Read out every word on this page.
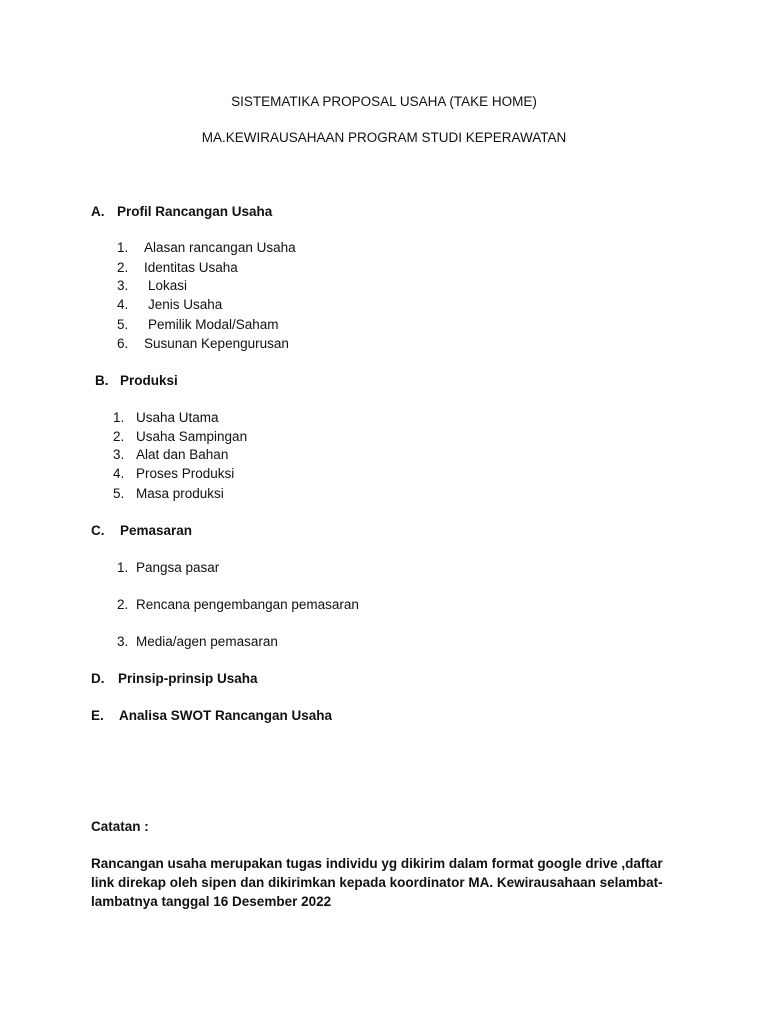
SISTEMATIKA PROPOSAL USAHA (TAKE HOME)
MA.KEWIRAUSAHAAN PROGRAM STUDI KEPERAWATAN
A. Profil Rancangan Usaha
1. Alasan rancangan Usaha
2. Identitas Usaha
3. Lokasi
4. Jenis Usaha
5. Pemilik Modal/Saham
6. Susunan Kepengurusan
B. Produksi
1. Usaha Utama
2. Usaha Sampingan
3. Alat dan Bahan
4. Proses Produksi
5. Masa produksi
C. Pemasaran
1. Pangsa pasar
2. Rencana pengembangan pemasaran
3. Media/agen pemasaran
D. Prinsip-prinsip Usaha
E. Analisa SWOT Rancangan Usaha
Catatan :
Rancangan usaha merupakan tugas individu yg dikirim dalam format google drive ,daftar link direkap oleh sipen dan dikirimkan kepada koordinator MA. Kewirausahaan selambat-lambatnya tanggal 16 Desember 2022
